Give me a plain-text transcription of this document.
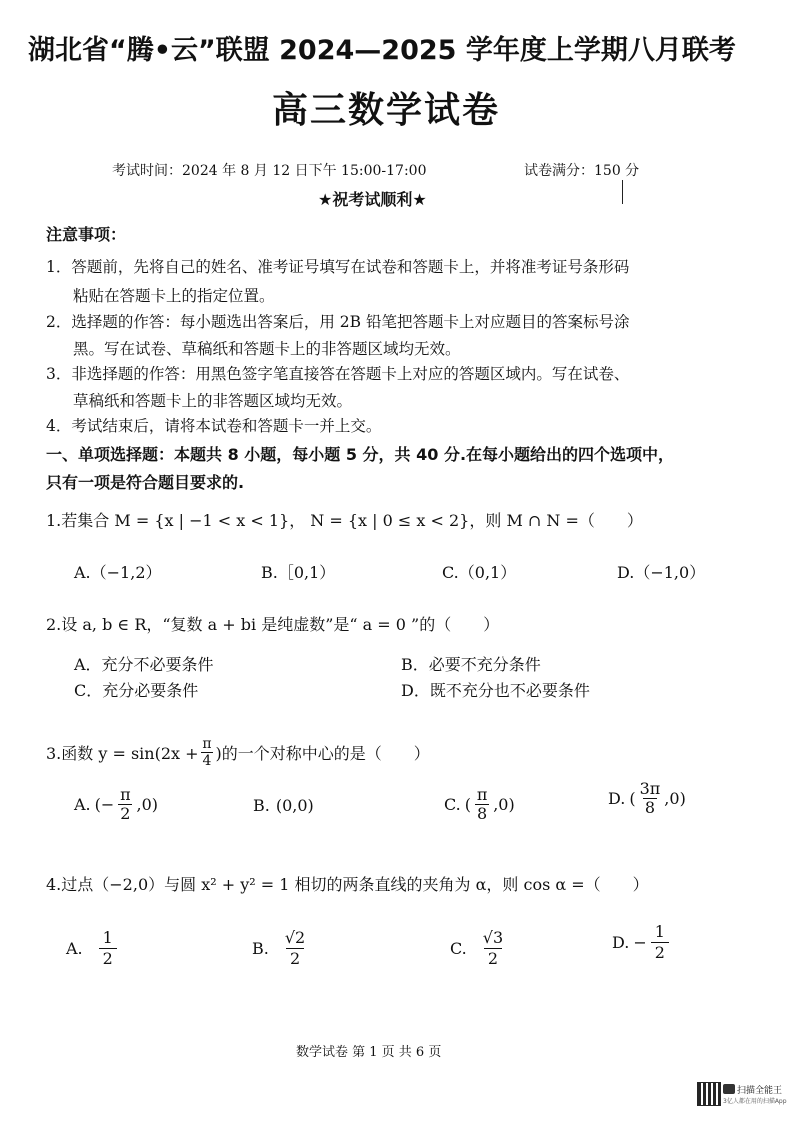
湖北省“腾•云”联盟 2024—2025 学年度上学期八月联考
高三数学试卷
考试时间：2024 年 8 月 12 日下午 15:00-17:00	试卷满分：150 分
★祝考试顺利★
注意事项：
1．答题前，先将自己的姓名、准考证号填写在试卷和答题卡上，并将准考证号条形码
粘贴在答题卡上的指定位置。
2．选择题的作答：每小题选出答案后，用 2B 铅笔把答题卡上对应题目的答案标号涂
黑。写在试卷、草稿纸和答题卡上的非答题区域均无效。
3．非选择题的作答：用黑色签字笔直接答在答题卡上对应的答题区域内。写在试卷、
草稿纸和答题卡上的非答题区域均无效。
4．考试结束后，请将本试卷和答题卡一并上交。
一、单项选择题：本题共 8 小题，每小题 5 分，共 40 分.在每小题给出的四个选项中，
只有一项是符合题目要求的.
1.若集合 M = {x | −1 < x < 1}， N = {x | 0 ≤ x < 2}，则 M ∩ N =（　　）
A.（−1,2）	B.［0,1）	C.（0,1）	D.（−1,0）
2.设 a, b ∈ R，“复数 a + bi 是纯虚数”是“ a = 0 ”的（　　）
A．充分不必要条件	B．必要不充分条件
C．充分必要条件	D．既不充分也不必要条件
3.函数 $y = \sin(2x + \frac{\pi}{4}$ )的一个对称中心的是（　　）
A. (− $\frac{\pi}{2} ,0$)	B. (0,0)	C. ( $\frac{\pi}{8} ,0$)	D. ( $\frac{3\pi}{8} ,0$)
4.过点（−2,0）与圆 x² + y² = 1 相切的两条直线的夹角为 α，则 cos α =（　　）
A. $\frac{1}{2}$	B. $\frac{√2}{2}$	C. $\frac{√3}{2}$	D. − $\frac{1}{2}$
数学试卷 第 1 页 共 6 页
扫描全能王
3亿人都在用的扫描App
